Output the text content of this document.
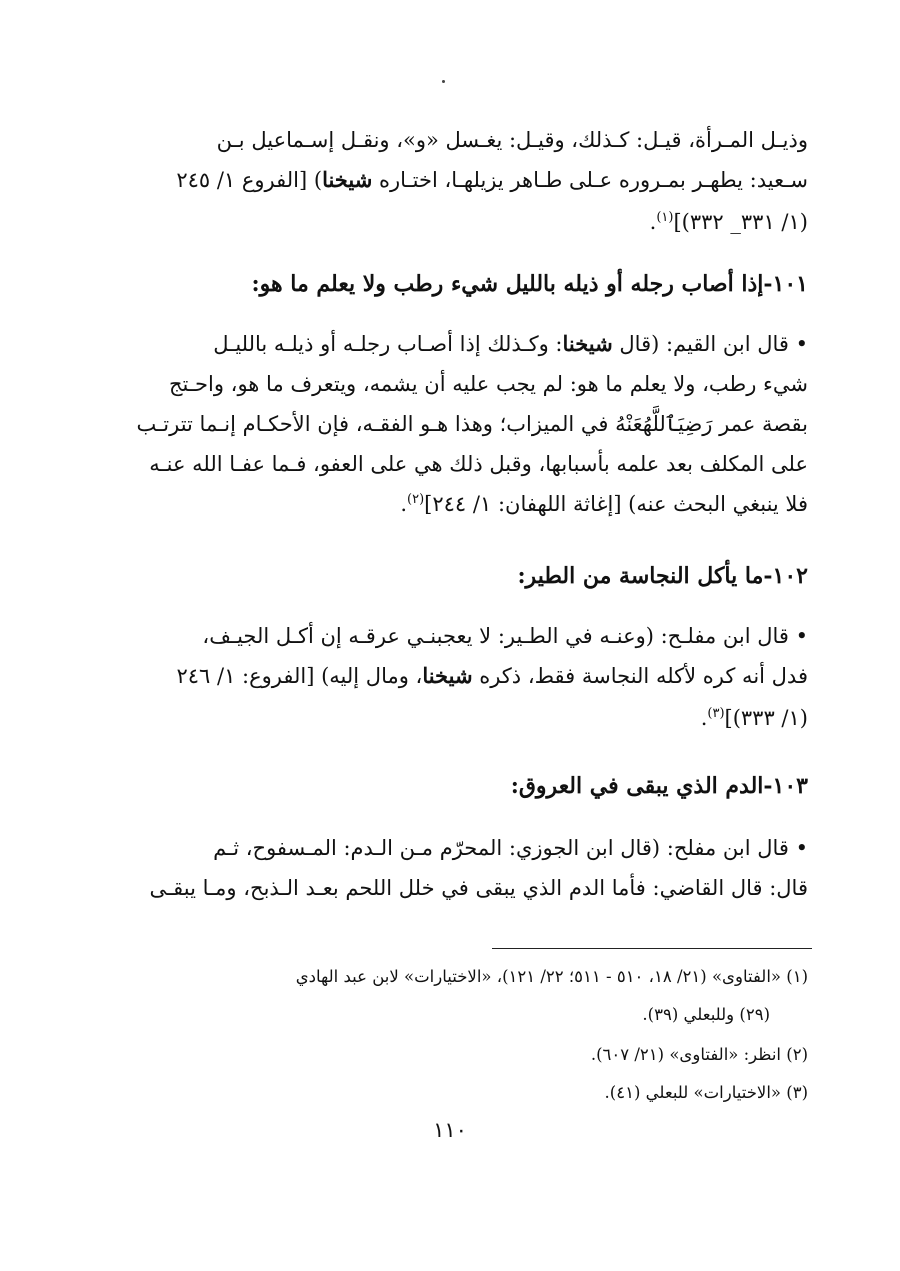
وذيـل المـرأة، قيـل: كـذلك، وقيـل: يغـسل «و»، ونقـل إسـماعيل بـن
سـعيد: يطهـر بمـروره عـلى طـاهر يزيلهـا، اختـاره شيخنا) [الفروع ١/ ٢٤٥
(١/ ٣٣١_ ٣٣٢)]$^{(١)}$.
١٠١-إذا أصاب رجله أو ذيله بالليل شيء رطب ولا يعلم ما هو:
• قال ابن القيم: (قال شيخنا: وكـذلك إذا أصـاب رجلـه أو ذيلـه بالليـل
شيء رطب، ولا يعلم ما هو: لم يجب عليه أن يشمه، ويتعرف ما هو، واحـتج
بقصة عمر رَضِيَٱللَّهُعَنْهُ في الميزاب؛ وهذا هـو الفقـه، فإن الأحكـام إنـما تترتـب
على المكلف بعد علمه بأسبابها، وقبل ذلك هي على العفو، فـما عفـا الله عنـه
فلا ينبغي البحث عنه) [إغاثة اللهفان: ١/ ٢٤٤]$^{(٢)}$.
١٠٢-ما يأكل النجاسة من الطير:
• قال ابن مفلـح: (وعنـه في الطـير: لا يعجبنـي عرقـه إن أكـل الجيـف،
فدل أنه كره لأكله النجاسة فقط، ذكره شيخنا، ومال إليه) [الفروع: ١/ ٢٤٦
(١/ ٣٣٣)]$^{(٣)}$.
١٠٣-الدم الذي يبقى في العروق:
• قال ابن مفلح: (قال ابن الجوزي: المحرّم مـن الـدم: المـسفوح، ثـم
قال: قال القاضي: فأما الدم الذي يبقى في خلل اللحم بعـد الـذبح، ومـا يبقـى
(١) «الفتاوى» (٢١/ ١٨، ٥١٠ - ٥١١؛ ٢٢/ ١٢١)، «الاختيارات» لابن عبد الهادي
(٢٩) وللبعلي (٣٩).
(٢) انظر: «الفتاوى» (٢١/ ٦٠٧).
(٣) «الاختيارات» للبعلي (٤١).
١١٠
